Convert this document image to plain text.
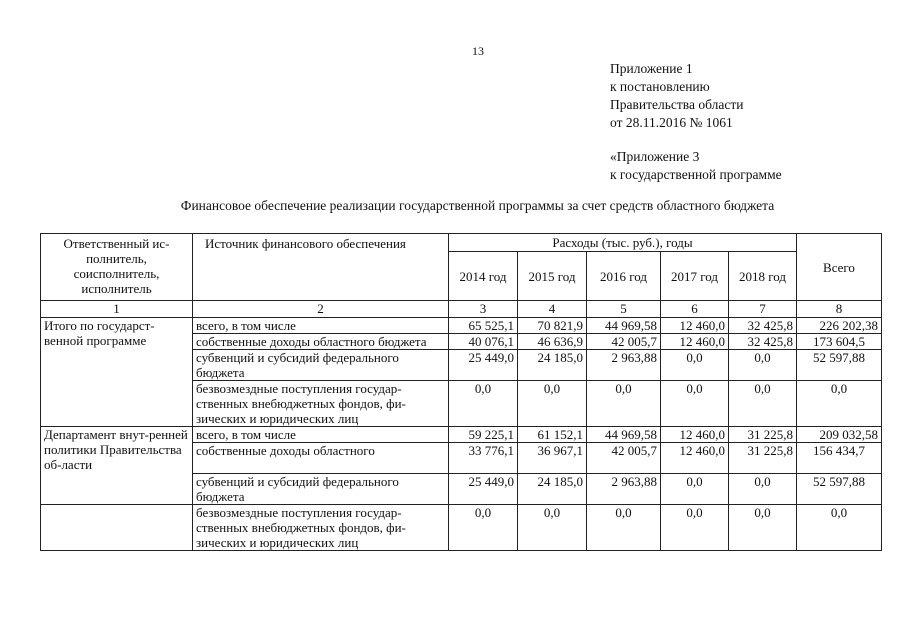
13
Приложение 1
к постановлению
Правительства области
от 28.11.2016 № 1061
«Приложение 3
к государственной программе
Финансовое обеспечение реализации государственной программы за счет средств областного бюджета
Ответственный ис-полнитель, соисполнитель, исполнитель	Источник финансового обеспечения	Расходы (тыс. руб.), годы					Всего
		2014 год	2015 год	2016 год	2017 год	2018 год	
1	2	3	4	5	6	7	8
Итого по государст-венной программе	всего, в том числе	65 525,1	70 821,9	44 969,58	12 460,0	32 425,8	226 202,38
	собственные доходы областного бюджета	40 076,1	46 636,9	42 005,7	12 460,0	32 425,8	173 604,5
	субвенций и субсидий федерального бюджета	25 449,0	24 185,0	2 963,88	0,0	0,0	52 597,88
	безвозмездные поступления государ-ственных внебюджетных фондов, фи-зических и юридических лиц	0,0	0,0	0,0	0,0	0,0	0,0
Департамент внут-ренней политики Правительства об-ласти	всего, в том числе	59 225,1	61 152,1	44 969,58	12 460,0	31 225,8	209 032,58
	собственные доходы областного	33 776,1	36 967,1	42 005,7	12 460,0	31 225,8	156 434,7
	субвенций и субсидий федерального бюджета	25 449,0	24 185,0	2 963,88	0,0	0,0	52 597,88
	безвозмездные поступления государ-ственных внебюджетных фондов, фи-зических и юридических лиц	0,0	0,0	0,0	0,0	0,0	0,0
